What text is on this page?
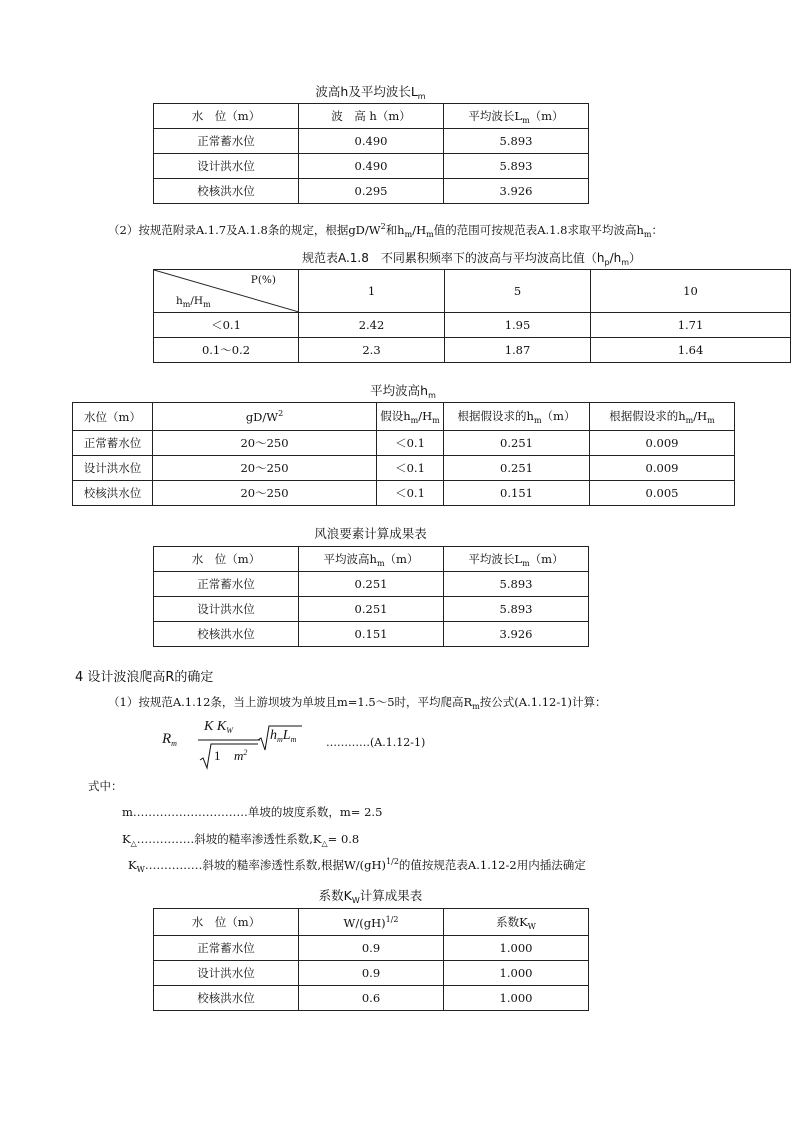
波高h及平均波长$L_m$
水　位（m）	波　高 h（m）	平均波长$L_m(m)$
正常蓄水位	0.490	5.893
设计洪水位	0.490	5.893
校核洪水位	0.295	3.926
（2）按规范附录A.1.7及A.1.8条的规定，根据$gD/W^2$和$h_m/H_m$值的范围可按规范表A.1.8求取平均波高$h_m$：
规范表A.1.8　不同累积频率下的波高与平均波高比值$(h_p/h_m)$
P(%)
$h_m/H_m$	1	5	10
＜0.1	2.42	1.95	1.71
0.1～0.2	2.3	1.87	1.64
平均波高$h_m$
水位（m）	$gD/W^2$	假设$h_m/H_m$	根据假设求的$h_m(m)$	根据假设求的$h_m/H_m$	
正常蓄水位	20～250	＜0.1	0.251	0.009	
设计洪水位	20～250	＜0.1	0.251	0.009	
校核洪水位	20～250	＜0.1	0.151	0.005	
风浪要素计算成果表
水　位（m）	平均波高$h_m(m)$	平均波长$L_m(m)$
正常蓄水位	0.251	5.893
设计洪水位	0.251	5.893
校核洪水位	0.151	3.926
4 设计波浪爬高R的确定
（1）按规范A.1.12条，当上游坝坡为单坡且m=1.5～5时，平均爬高$R_m$按公式(A.1.12-1)计算：
$R_m$
K $K_W$
1 $m^2$
$h_mL_m$	…………(A.1.12-1)
式中：
m…………………………单坡的坡度系数，m= 2.5
$K_\triangle\dots\dots\dots\dots\dots$斜坡的糙率渗透性系数$,K_\triangle= 0.8$
$K_W\dots\dots\dots\dots\dots$斜坡的糙率渗透性系数,根据W/(gH)$^{1/2}$的值按规范表A.1.12-2用内插法确定
系数$K_W$计算成果表
水　位（m）	W/(gH)$^{1/2}$	系数$K_W$
正常蓄水位	0.9	1.000
设计洪水位	0.9	1.000
校核洪水位	0.6	1.000
